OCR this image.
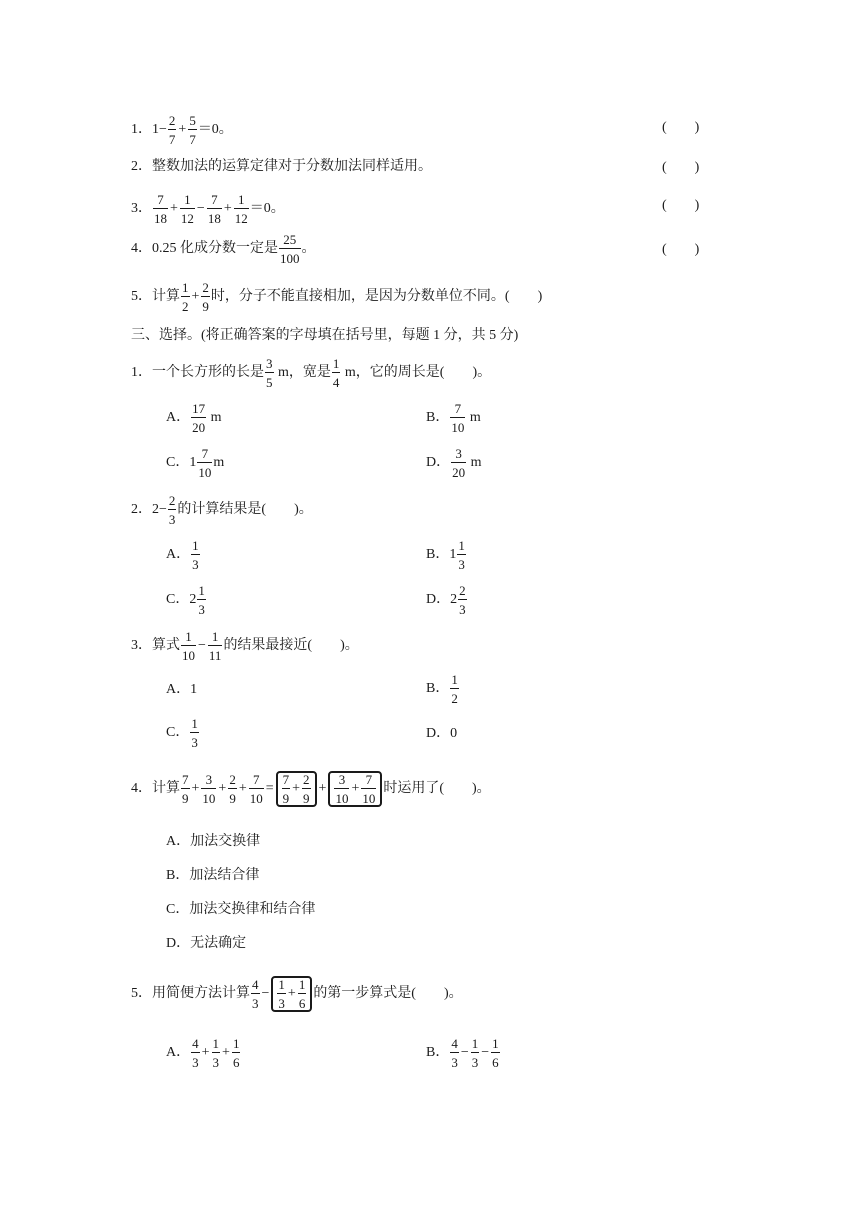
1．$1- \frac{2}{7} + \frac{5}{7} =0$。	( )
2．整数加法的运算定律对于分数加法同样适用。	( )
3． $\frac{7}{18} + \frac{1}{12} - \frac{7}{18} + \frac{1}{12} =0$。	( )
4．0.25 化成分数一定是 $\frac{25}{100}$ 。	( )
5．计算 $\frac{1}{2} + \frac{2}{9}$ 时，分子不能直接相加，是因为分数单位不同。( )
三、选择。(将正确答案的字母填在括号里，每题 1 分，共 5 分)
1．一个长方形的长是 $\frac{3}{5}$ m，宽是 $\frac{1}{4}$ m，它的周长是( )。
A． $\frac{17}{20}$ m	B． $\frac{7}{10}$ m
C．$1 \frac{7}{10}$ m	D． $\frac{3}{20}$ m
2．$2- \frac{2}{3}$ 的计算结果是( )。
A． $\frac{1}{3}$	B．$1 \frac{1}{3}$
C．$2 \frac{1}{3}$	D．$2 \frac{2}{3}$
3．算式 $\frac{1}{10} - \frac{1}{11}$ 的结果最接近( )。
A．1	B． $\frac{1}{2}$
C． $\frac{1}{3}$	D．0
4．计算 $\frac{7}{9} + \frac{3}{10} + \frac{2}{9} + \frac{7}{10} = \frac{7}{9} + \frac{2}{9} + \frac{3}{10} + \frac{7}{10}$ 时运用了( )。
A．加法交换律
B．加法结合律
C．加法交换律和结合律
D．无法确定
5．用简便方法计算 $\frac{4}{3} - \frac{1}{3} + \frac{1}{6}$ 的第一步算式是( )。
A． $\frac{4}{3} + \frac{1}{3} + \frac{1}{6}$	B． $\frac{4}{3} - \frac{1}{3} - \frac{1}{6}$
